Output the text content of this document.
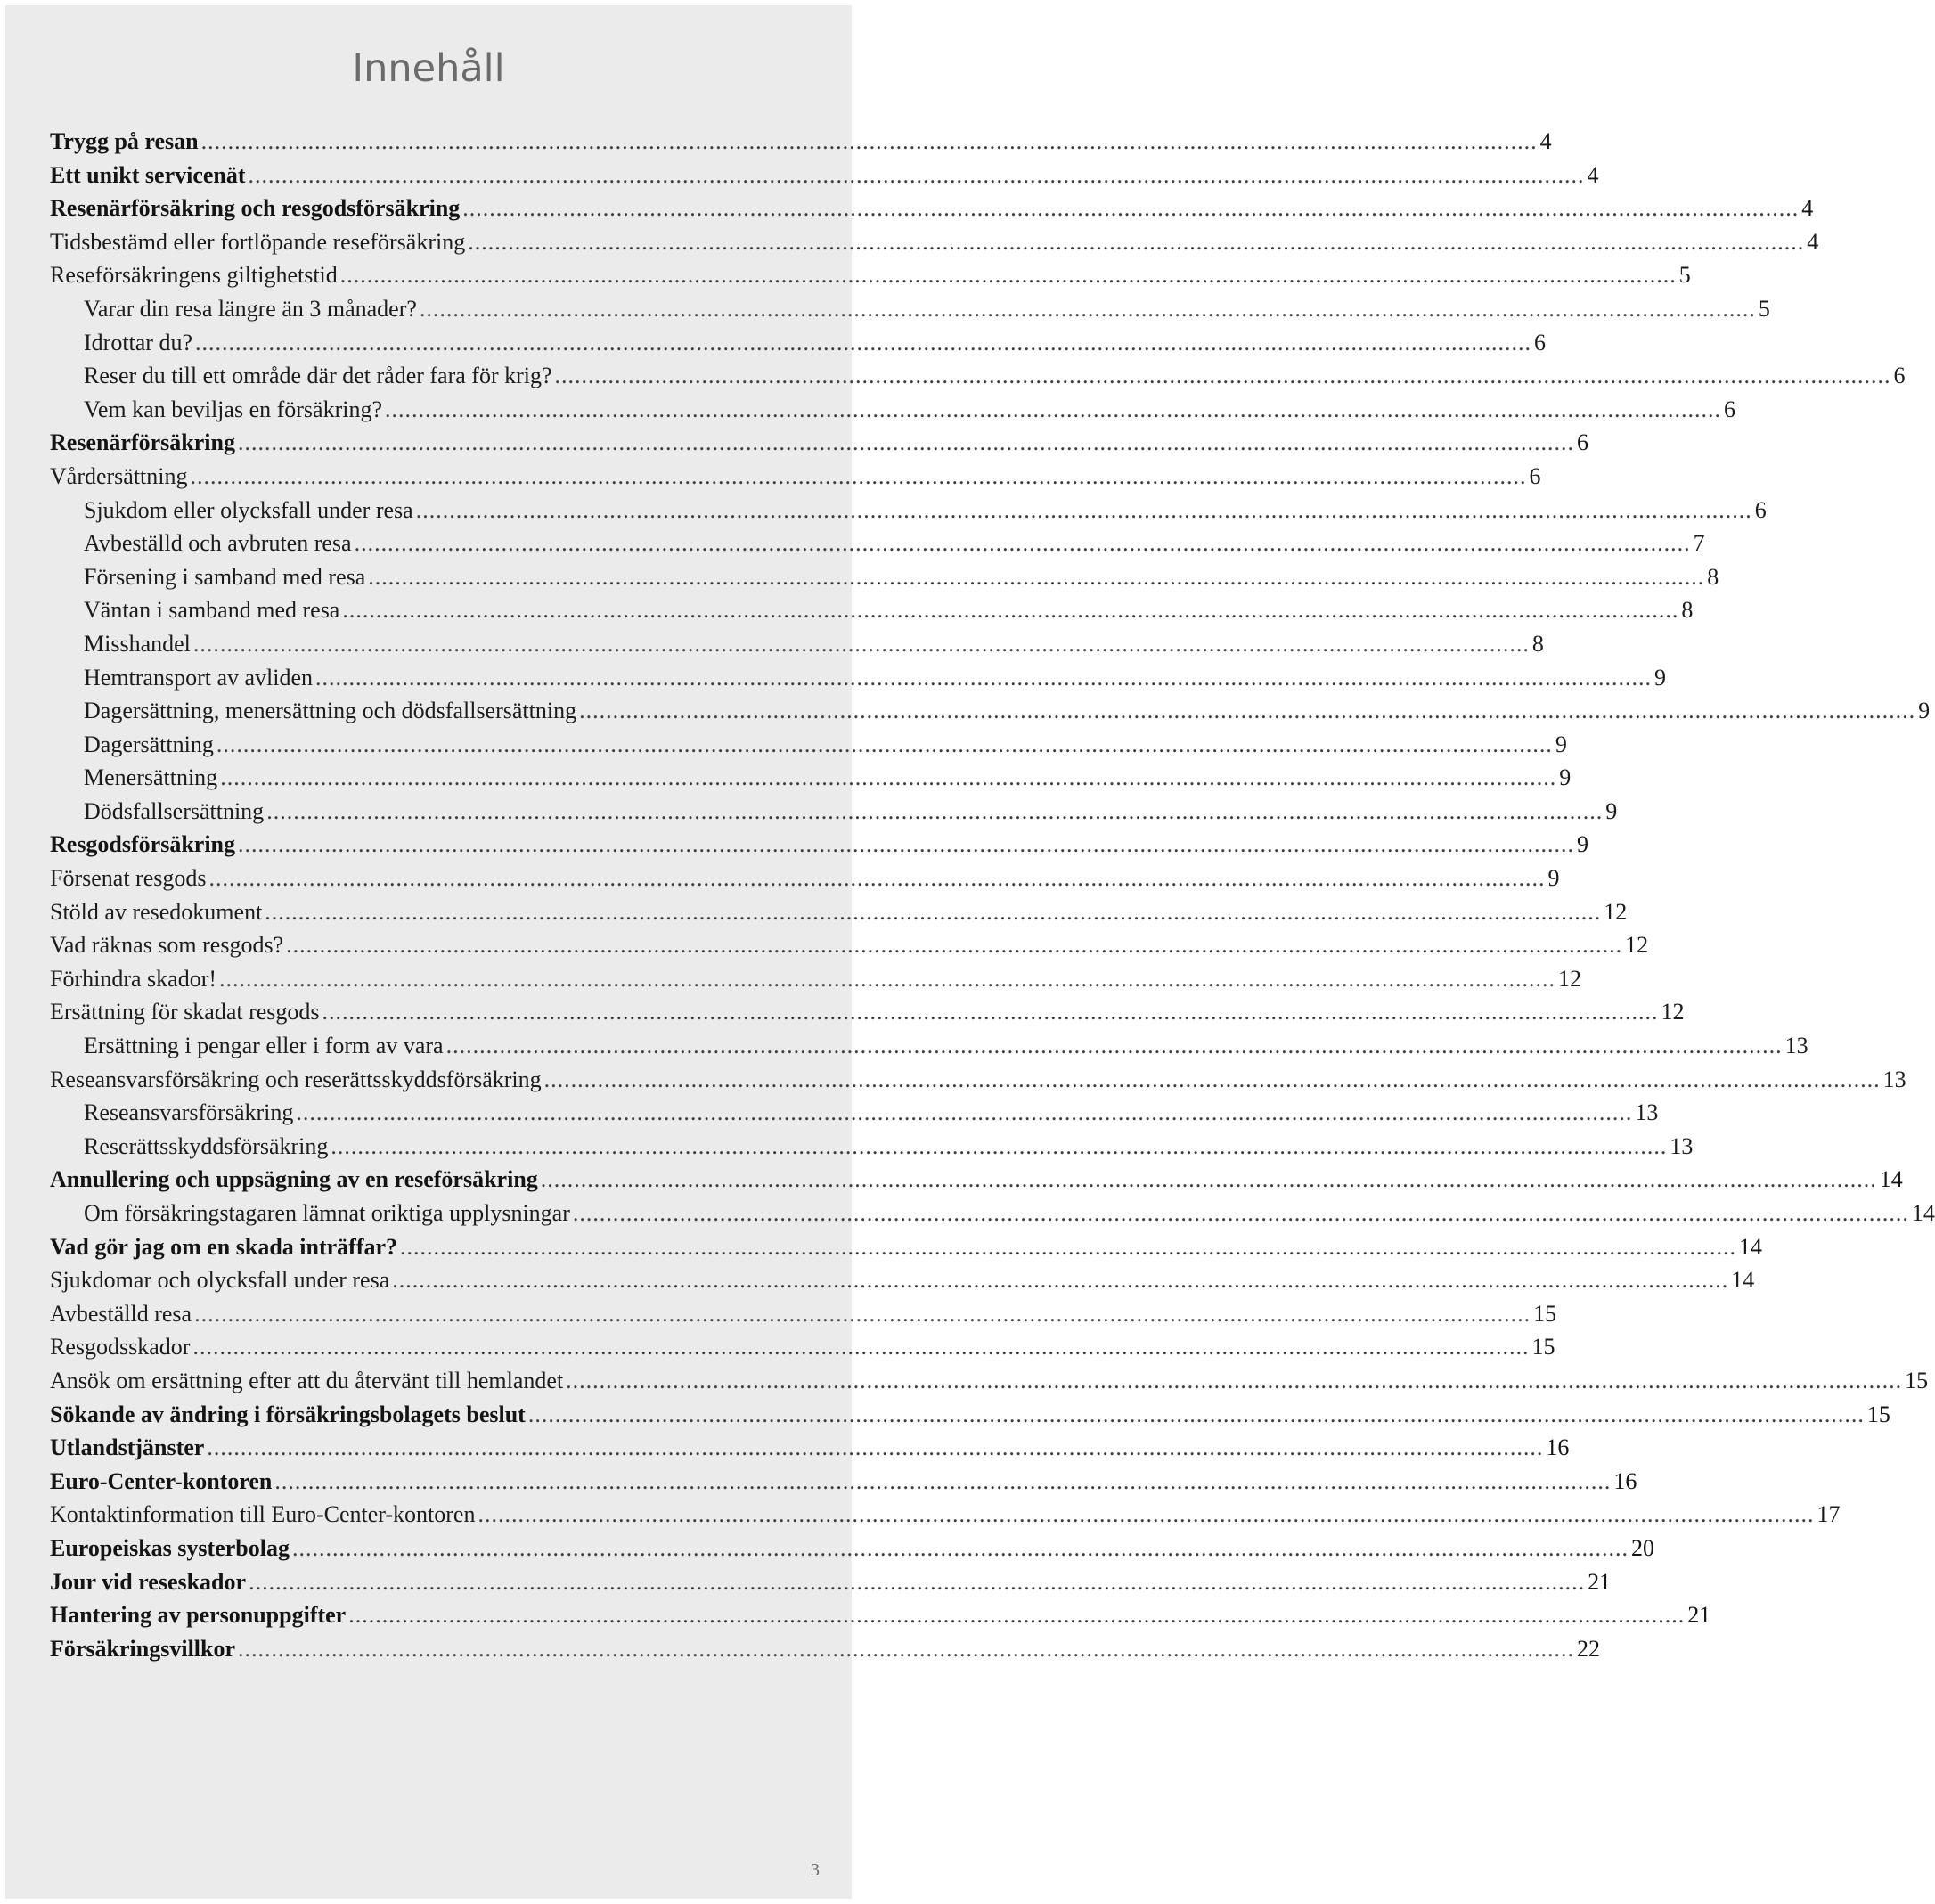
Innehåll
Trygg på resan ........................................................................................................................................................................................................ 4
Ett unikt servicenät ........................................................................................................................................................................................................ 4
Resenärförsäkring och resgodsförsäkring ........................................................................................................................................................................................................ 4
Tidsbestämd eller fortlöpande reseförsäkring ........................................................................................................................................................................................................ 4
Reseförsäkringens giltighetstid ........................................................................................................................................................................................................ 5
Varar din resa längre än 3 månader? ........................................................................................................................................................................................................ 5
Idrottar du? ........................................................................................................................................................................................................ 6
Reser du till ett område där det råder fara för krig? ........................................................................................................................................................................................................ 6
Vem kan beviljas en försäkring? ........................................................................................................................................................................................................ 6
Resenärförsäkring ........................................................................................................................................................................................................ 6
Vårdersättning ........................................................................................................................................................................................................ 6
Sjukdom eller olycksfall under resa ........................................................................................................................................................................................................ 6
Avbeställd och avbruten resa ........................................................................................................................................................................................................ 7
Försening i samband med resa ........................................................................................................................................................................................................ 8
Väntan i samband med resa ........................................................................................................................................................................................................ 8
Misshandel ........................................................................................................................................................................................................ 8
Hemtransport av avliden ........................................................................................................................................................................................................ 9
Dagersättning, menersättning och dödsfallsersättning ........................................................................................................................................................................................................ 9
Dagersättning ........................................................................................................................................................................................................ 9
Menersättning ........................................................................................................................................................................................................ 9
Dödsfallsersättning ........................................................................................................................................................................................................ 9
Resgodsförsäkring ........................................................................................................................................................................................................ 9
Försenat resgods ........................................................................................................................................................................................................ 9
Stöld av resedokument ........................................................................................................................................................................................................ 12
Vad räknas som resgods? ........................................................................................................................................................................................................ 12
Förhindra skador! ........................................................................................................................................................................................................ 12
Ersättning för skadat resgods ........................................................................................................................................................................................................ 12
Ersättning i pengar eller i form av vara ........................................................................................................................................................................................................ 13
Reseansvarsförsäkring och reserättsskyddsförsäkring ........................................................................................................................................................................................................ 13
Reseansvarsförsäkring ........................................................................................................................................................................................................ 13
Reserättsskyddsförsäkring ........................................................................................................................................................................................................ 13
Annullering och uppsägning av en reseförsäkring ........................................................................................................................................................................................................ 14
Om försäkringstagaren lämnat oriktiga upplysningar ........................................................................................................................................................................................................ 14
Vad gör jag om en skada inträffar? ........................................................................................................................................................................................................ 14
Sjukdomar och olycksfall under resa ........................................................................................................................................................................................................ 14
Avbeställd resa ........................................................................................................................................................................................................ 15
Resgodsskador ........................................................................................................................................................................................................ 15
Ansök om ersättning efter att du återvänt till hemlandet ........................................................................................................................................................................................................ 15
Sökande av ändring i försäkringsbolagets beslut ........................................................................................................................................................................................................ 15
Utlandstjänster ........................................................................................................................................................................................................ 16
Euro-Center-kontoren ........................................................................................................................................................................................................ 16
Kontaktinformation till Euro-Center-kontoren ........................................................................................................................................................................................................ 17
Europeiskas systerbolag ........................................................................................................................................................................................................ 20
Jour vid reseskador ........................................................................................................................................................................................................ 21
Hantering av personuppgifter ........................................................................................................................................................................................................ 21
Försäkringsvillkor ........................................................................................................................................................................................................ 22
3
